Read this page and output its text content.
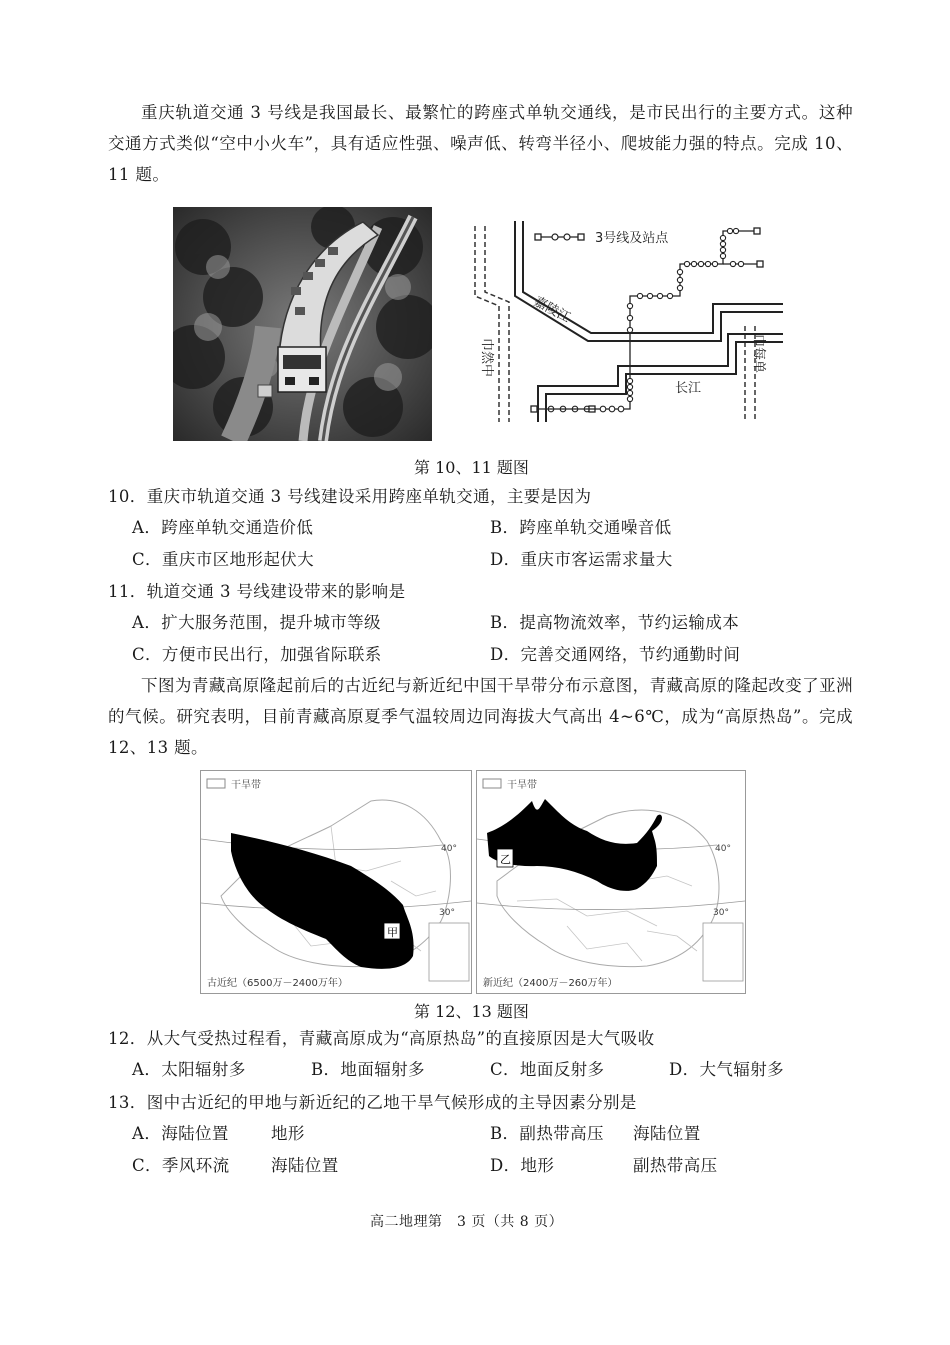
重庆轨道交通 3 号线是我国最长、最繁忙的跨座式单轨交通线，是市民出行的主要方式。这种交通方式类似“空中小火车”，具有适应性强、噪声低、转弯半径小、爬坡能力强的特点。完成 10、11 题。
3号线及站点
嘉陵江
长江
巾然中	巾每单
第 10、11 题图
10．重庆市轨道交通 3 号线建设采用跨座单轨交通，主要是因为
A．跨座单轨交通造价低	B．跨座单轨交通噪音低
C．重庆市区地形起伏大	D．重庆市客运需求量大
11．轨道交通 3 号线建设带来的影响是
A．扩大服务范围，提升城市等级	B．提高物流效率，节约运输成本
C．方便市民出行，加强省际联系	D．完善交通网络，节约通勤时间
下图为青藏高原隆起前后的古近纪与新近纪中国干旱带分布示意图，青藏高原的隆起改变了亚洲的气候。研究表明，目前青藏高原夏季气温较周边同海拔大气高出 4~6℃，成为“高原热岛”。完成 12、13 题。
干旱带
40°
30°
甲
古近纪（6500万－2400万年）
干旱带
40°
30°
乙
新近纪（2400万－260万年）
第 12、13 题图
12．从大气受热过程看，青藏高原成为“高原热岛”的直接原因是大气吸收
A．太阳辐射多	B．地面辐射多	C．地面反射多	D．大气辐射多
13．图中古近纪的甲地与新近纪的乙地干旱气候形成的主导因素分别是
A．海陆位置	地形	B．副热带高压 海陆位置
C．季风环流	海陆位置	D．地形	副热带高压
高二地理第　3 页（共 8 页）
